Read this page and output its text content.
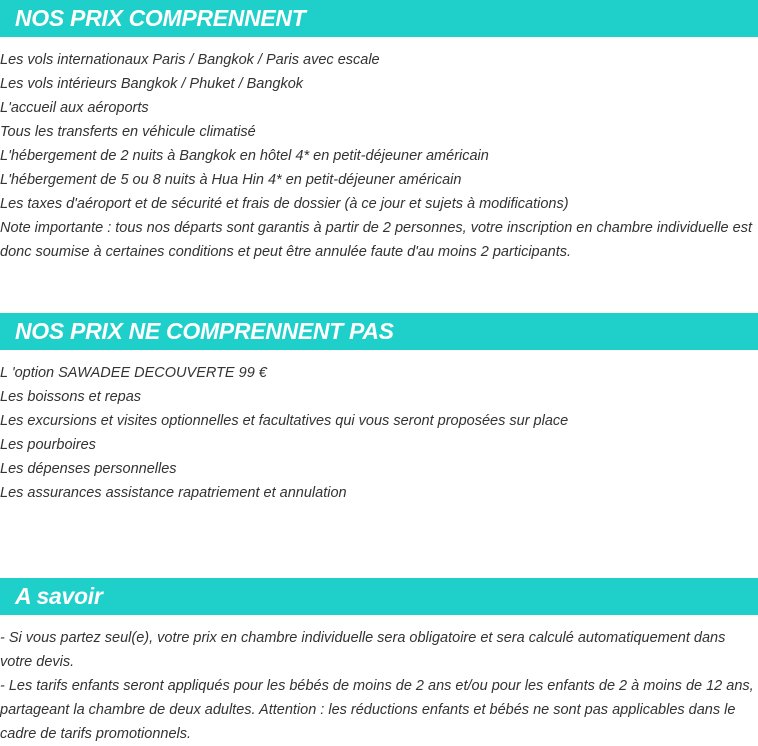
NOS PRIX COMPRENNENT
Les vols internationaux Paris / Bangkok / Paris avec escale
Les vols intérieurs Bangkok / Phuket / Bangkok
L'accueil aux aéroports
Tous les transferts en véhicule climatisé
L'hébergement de 2 nuits à Bangkok en hôtel 4* en petit-déjeuner américain
L'hébergement de 5 ou 8 nuits à Hua Hin 4* en petit-déjeuner américain
Les taxes d'aéroport et de sécurité et frais de dossier (à ce jour et sujets à modifications)
Note importante : tous nos départs sont garantis à partir de 2 personnes, votre inscription en chambre individuelle est donc soumise à certaines conditions et peut être annulée faute d'au moins 2 participants.
NOS PRIX NE COMPRENNENT PAS
L 'option SAWADEE DECOUVERTE 99 €
Les boissons et repas
Les excursions et visites optionnelles et facultatives qui vous seront proposées sur place
Les pourboires
Les dépenses personnelles
Les assurances assistance rapatriement et annulation
A savoir
- Si vous partez seul(e), votre prix en chambre individuelle sera obligatoire et sera calculé automatiquement dans votre devis.
- Les tarifs enfants seront appliqués pour les bébés de moins de 2 ans et/ou pour les enfants de 2 à moins de 12 ans, partageant la chambre de deux adultes. Attention : les réductions enfants et bébés ne sont pas applicables dans le cadre de tarifs promotionnels.
